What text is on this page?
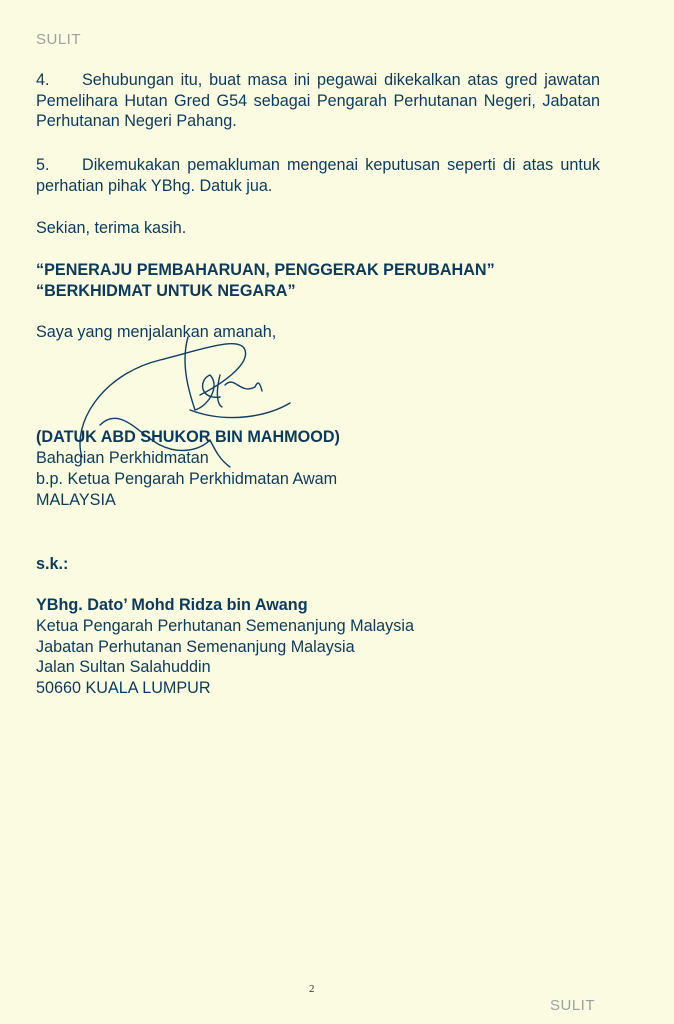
SULIT
4. Sehubungan itu, buat masa ini pegawai dikekalkan atas gred jawatan Pemelihara Hutan Gred G54 sebagai Pengarah Perhutanan Negeri, Jabatan Perhutanan Negeri Pahang.
5. Dikemukakan pemakluman mengenai keputusan seperti di atas untuk perhatian pihak YBhg. Datuk jua.
Sekian, terima kasih.
“PENERAJU PEMBAHARUAN, PENGGERAK PERUBAHAN”
“BERKHIDMAT UNTUK NEGARA”
Saya yang menjalankan amanah,
(DATUK ABD SHUKOR BIN MAHMOOD)
Bahagian Perkhidmatan
b.p. Ketua Pengarah Perkhidmatan Awam
MALAYSIA
s.k.:
YBhg. Dato’ Mohd Ridza bin Awang
Ketua Pengarah Perhutanan Semenanjung Malaysia
Jabatan Perhutanan Semenanjung Malaysia
Jalan Sultan Salahuddin
50660 KUALA LUMPUR
2
SULIT
